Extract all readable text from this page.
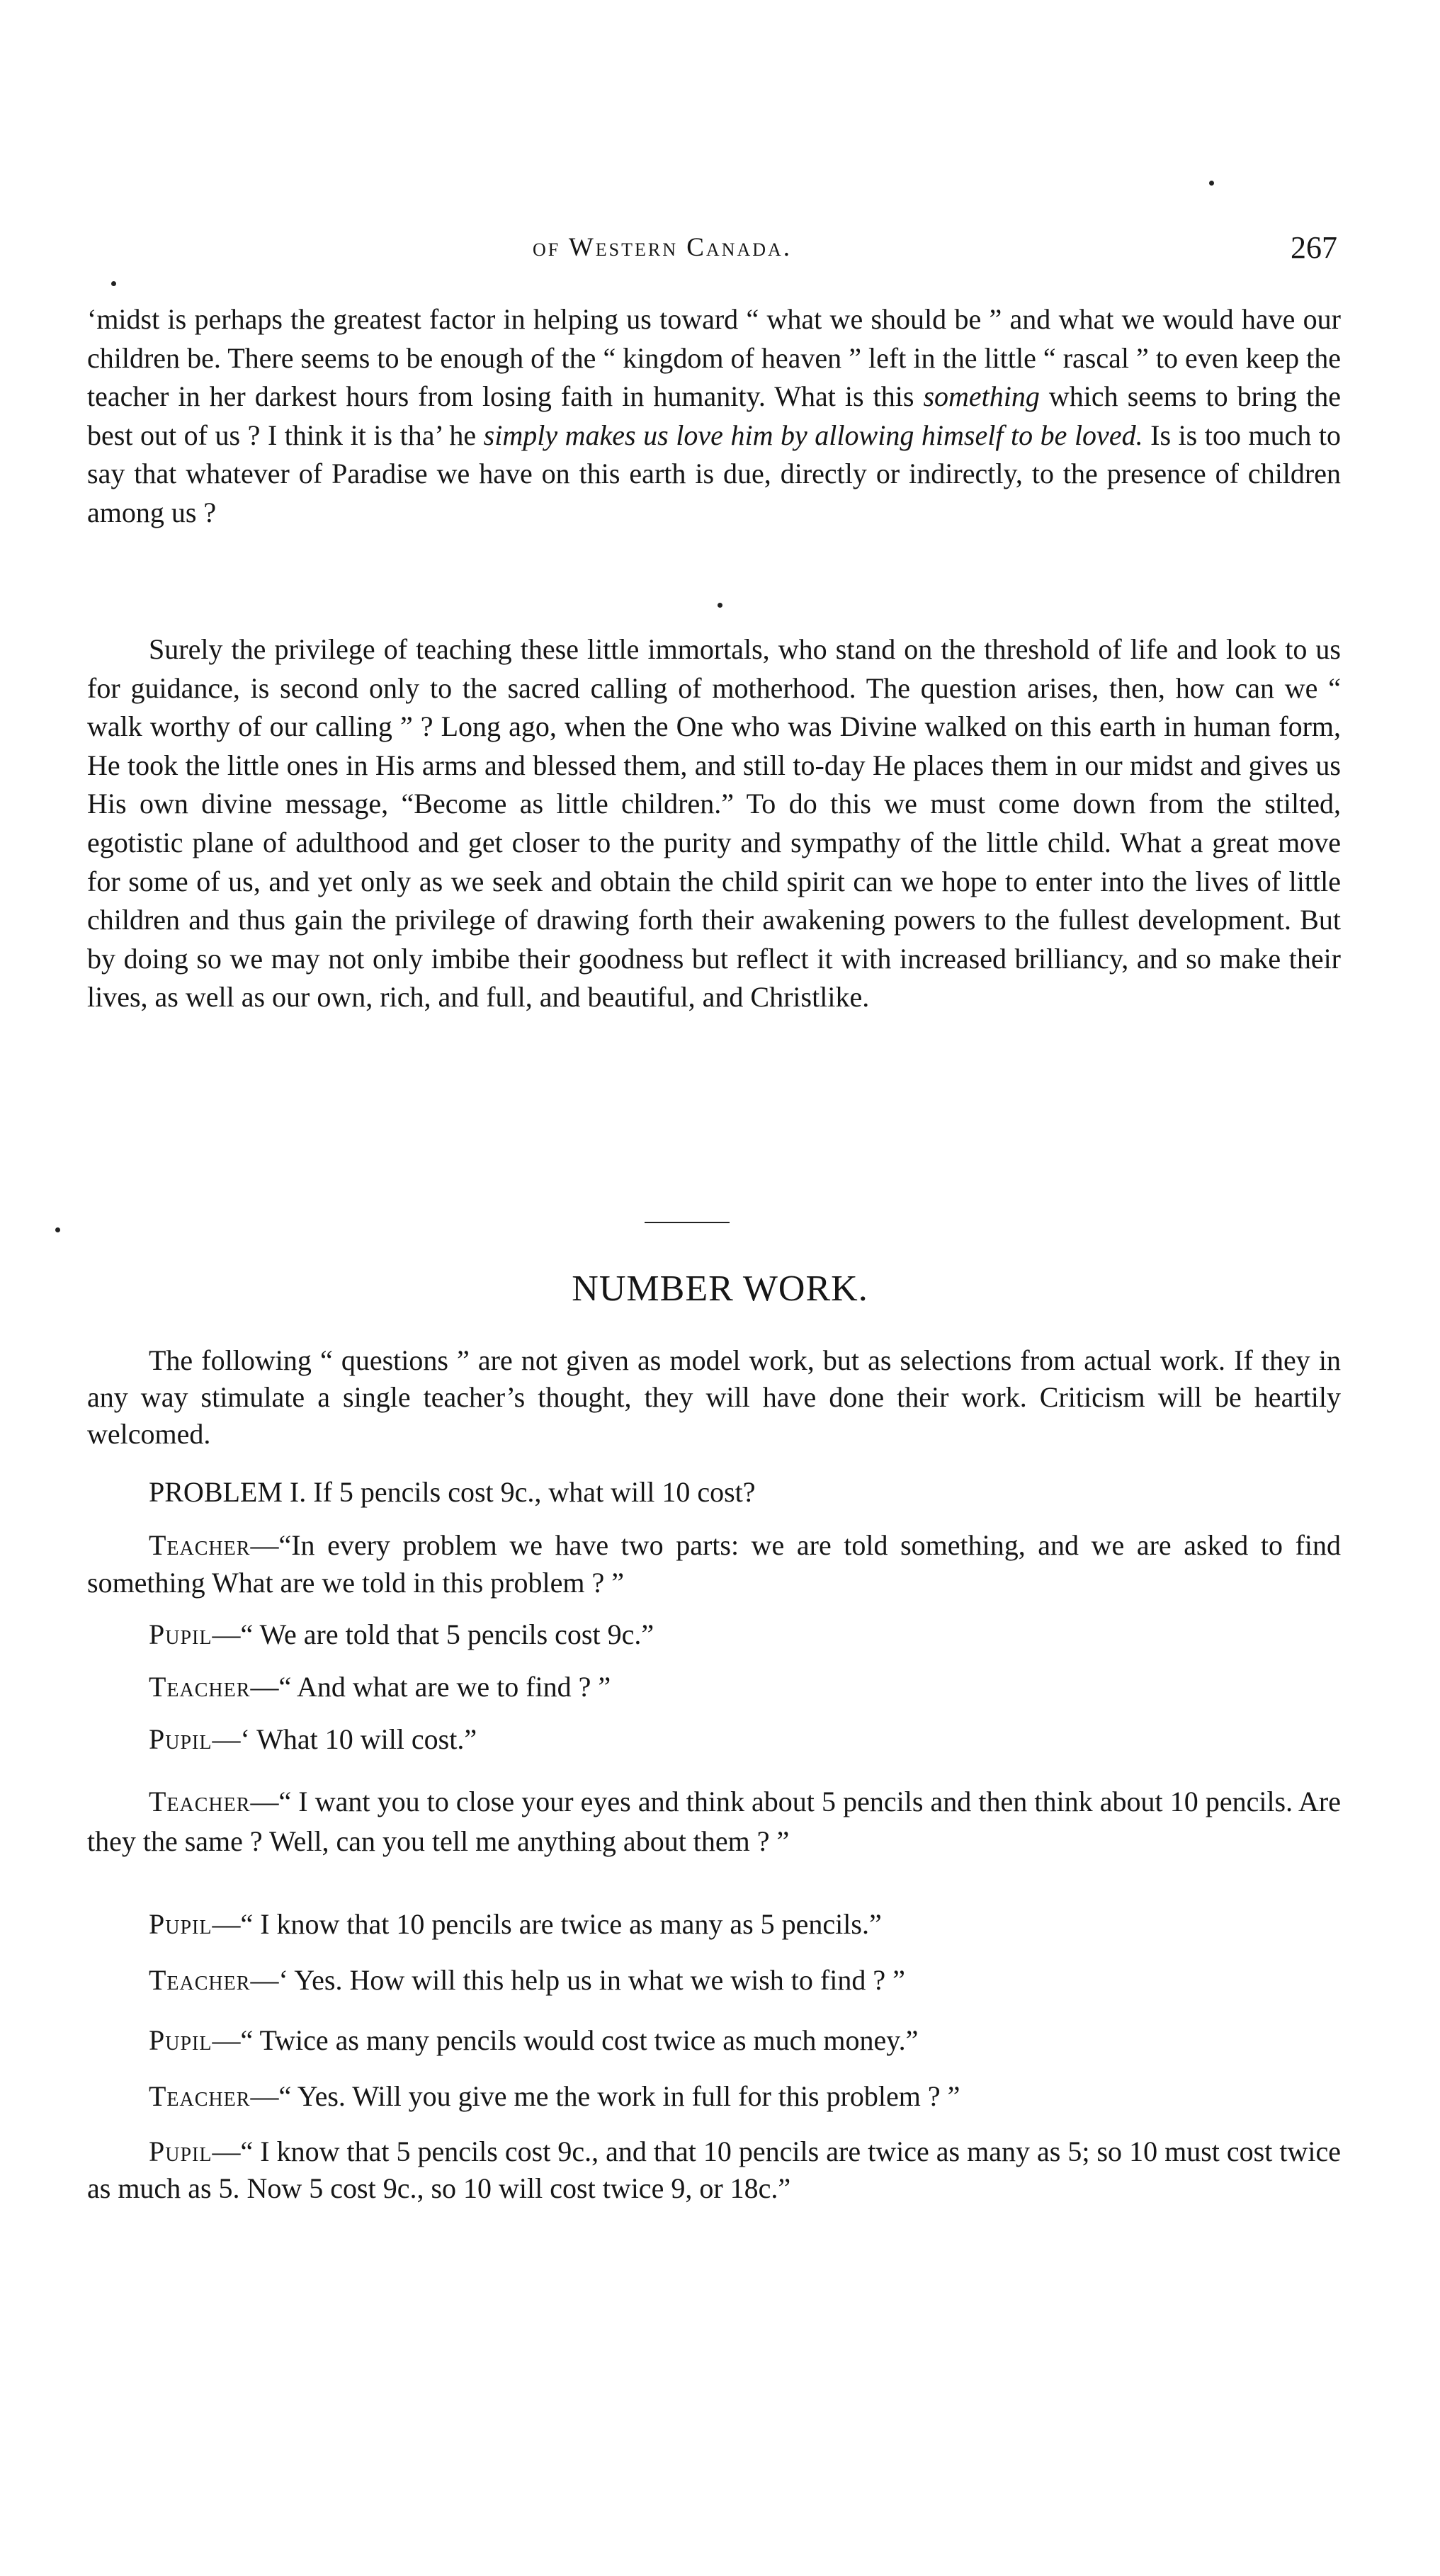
of Western Canada.	267

‘midst is perhaps the greatest factor in helping us toward “ what we should be ” and what we would have our children be. There seems to be enough of the “ kingdom of heaven ” left in the little “ rascal ” to even keep the teacher in her darkest hours from losing faith in humanity. What is this something which seems to bring the best out of us ? I think it is tha’ he simply makes us love him by allowing himself to be loved. Is is too much to say that whatever of Paradise we have on this earth is due, directly or indirectly, to the presence of children among us ?

Surely the privilege of teaching these little immortals, who stand on the threshold of life and look to us for guidance, is second only to the sacred calling of motherhood. The question arises, then, how can we “ walk worthy of our calling ” ? Long ago, when the One who was Divine walked on this earth in human form, He took the little ones in His arms and blessed them, and still to-day He places them in our midst and gives us His own divine message, “Become as little children.” To do this we must come down from the stilted, egotistic plane of adulthood and get closer to the purity and sympathy of the little child. What a great move for some of us, and yet only as we seek and obtain the child spirit can we hope to enter into the lives of little children and thus gain the privilege of drawing forth their awakening powers to the fullest development. But by doing so we may not only imbibe their goodness but reflect it with increased brilliancy, and so make their lives, as well as our own, rich, and full, and beautiful, and Christlike.

NUMBER WORK.

The following “ questions ” are not given as model work, but as selections from actual work. If they in any way stimulate a single teacher’s thought, they will have done their work. Criticism will be heartily welcomed.

PROBLEM I. If 5 pencils cost 9c., what will 10 cost?

Teacher—“In every problem we have two parts: we are told something, and we are asked to find something What are we told in this problem ? ”

Pupil—“ We are told that 5 pencils cost 9c.”

Teacher—“ And what are we to find ? ”

Pupil—‘ What 10 will cost.”

Teacher—“ I want you to close your eyes and think about 5 pencils and then think about 10 pencils. Are they the same ? Well, can you tell me anything about them ? ”

Pupil—“ I know that 10 pencils are twice as many as 5 pencils.”

Teacher—‘ Yes. How will this help us in what we wish to find ? ”

Pupil—“ Twice as many pencils would cost twice as much money.”

Teacher—“ Yes. Will you give me the work in full for this problem ? ”

Pupil—“ I know that 5 pencils cost 9c., and that 10 pencils are twice as many as 5; so 10 must cost twice as much as 5. Now 5 cost 9c., so 10 will cost twice 9, or 18c.”
